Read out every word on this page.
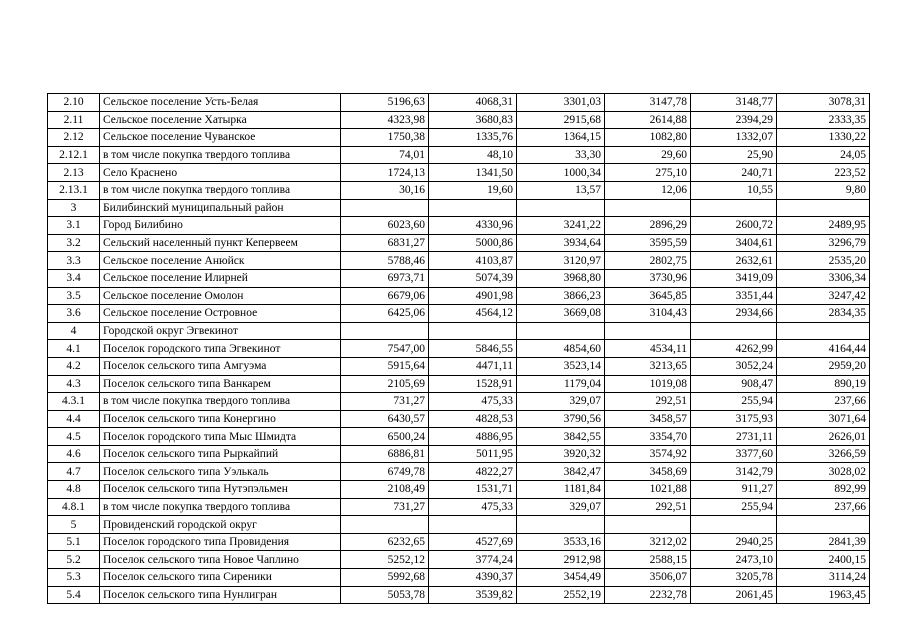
2.10	Сельское поселение Усть-Белая	5196,63	4068,31	3301,03	3147,78	3148,77	3078,31
2.11	Сельское поселение Хатырка	4323,98	3680,83	2915,68	2614,88	2394,29	2333,35
2.12	Сельское поселение Чуванское	1750,38	1335,76	1364,15	1082,80	1332,07	1330,22
2.12.1	в том числе покупка твердого топлива	74,01	48,10	33,30	29,60	25,90	24,05
2.13	Село Краснено	1724,13	1341,50	1000,34	275,10	240,71	223,52
2.13.1	в том числе покупка твердого топлива	30,16	19,60	13,57	12,06	10,55	9,80
3	Билибинский муниципальный район						
3.1	Город Билибино	6023,60	4330,96	3241,22	2896,29	2600,72	2489,95
3.2	Сельский населенный пункт Кепервеем	6831,27	5000,86	3934,64	3595,59	3404,61	3296,79
3.3	Сельское поселение Анюйск	5788,46	4103,87	3120,97	2802,75	2632,61	2535,20
3.4	Сельское поселение Илирней	6973,71	5074,39	3968,80	3730,96	3419,09	3306,34
3.5	Сельское поселение Омолон	6679,06	4901,98	3866,23	3645,85	3351,44	3247,42
3.6	Сельское поселение Островное	6425,06	4564,12	3669,08	3104,43	2934,66	2834,35
4	Городской округ Эгвекинот						
4.1	Поселок городского типа Эгвекинот	7547,00	5846,55	4854,60	4534,11	4262,99	4164,44
4.2	Поселок сельского типа Амгуэма	5915,64	4471,11	3523,14	3213,65	3052,24	2959,20
4.3	Поселок сельского типа Ванкарем	2105,69	1528,91	1179,04	1019,08	908,47	890,19
4.3.1	в том числе покупка твердого топлива	731,27	475,33	329,07	292,51	255,94	237,66
4.4	Поселок сельского типа Конергино	6430,57	4828,53	3790,56	3458,57	3175,93	3071,64
4.5	Поселок городского типа Мыс Шмидта	6500,24	4886,95	3842,55	3354,70	2731,11	2626,01
4.6	Поселок сельского типа Рыркайпий	6886,81	5011,95	3920,32	3574,92	3377,60	3266,59
4.7	Поселок сельского типа Уэлькаль	6749,78	4822,27	3842,47	3458,69	3142,79	3028,02
4.8	Поселок сельского типа Нутэпэльмен	2108,49	1531,71	1181,84	1021,88	911,27	892,99
4.8.1	в том числе покупка твердого топлива	731,27	475,33	329,07	292,51	255,94	237,66
5	Провиденский городской округ						
5.1	Поселок городского типа Провидения	6232,65	4527,69	3533,16	3212,02	2940,25	2841,39
5.2	Поселок сельского типа Новое Чаплино	5252,12	3774,24	2912,98	2588,15	2473,10	2400,15
5.3	Поселок сельского типа Сиреники	5992,68	4390,37	3454,49	3506,07	3205,78	3114,24
5.4	Поселок сельского типа Нунлигран	5053,78	3539,82	2552,19	2232,78	2061,45	1963,45
